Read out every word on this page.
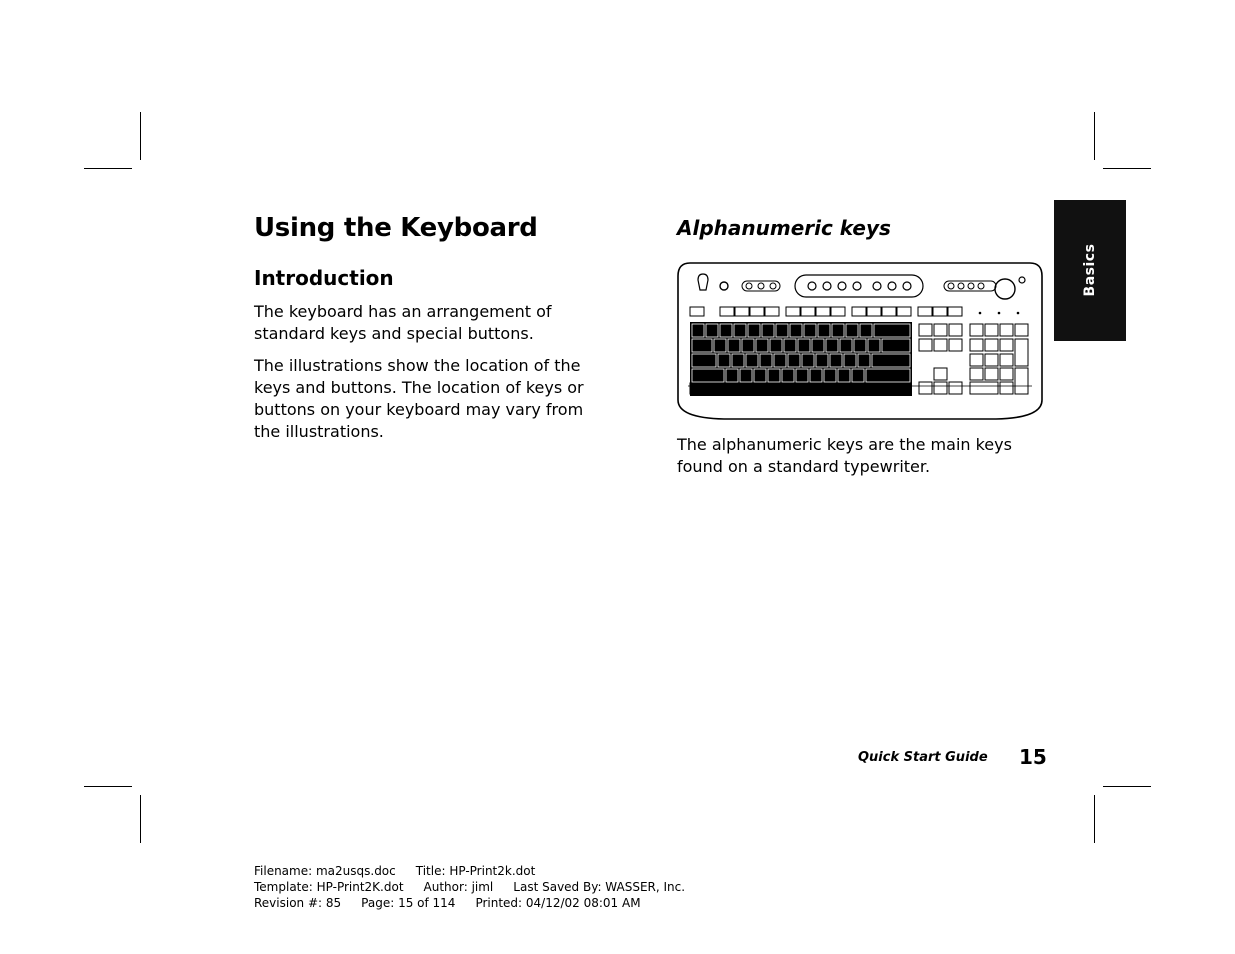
Basics
Using the Keyboard
Introduction

The keyboard has an arrangement of standard keys and special buttons.

The illustrations show the location of the keys and buttons. The location of keys or buttons on your keyboard may vary from the illustrations.

Alphanumeric keys

The alphanumeric keys are the main keys found on a standard typewriter.

Quick Start Guide 15
Filename: ma2usqs.doc Title: HP-Print2k.dot
Template: HP-Print2K.dot Author: jiml Last Saved By: WASSER, Inc.
Revision #: 85 Page: 15 of 114 Printed: 04/12/02 08:01 AM
